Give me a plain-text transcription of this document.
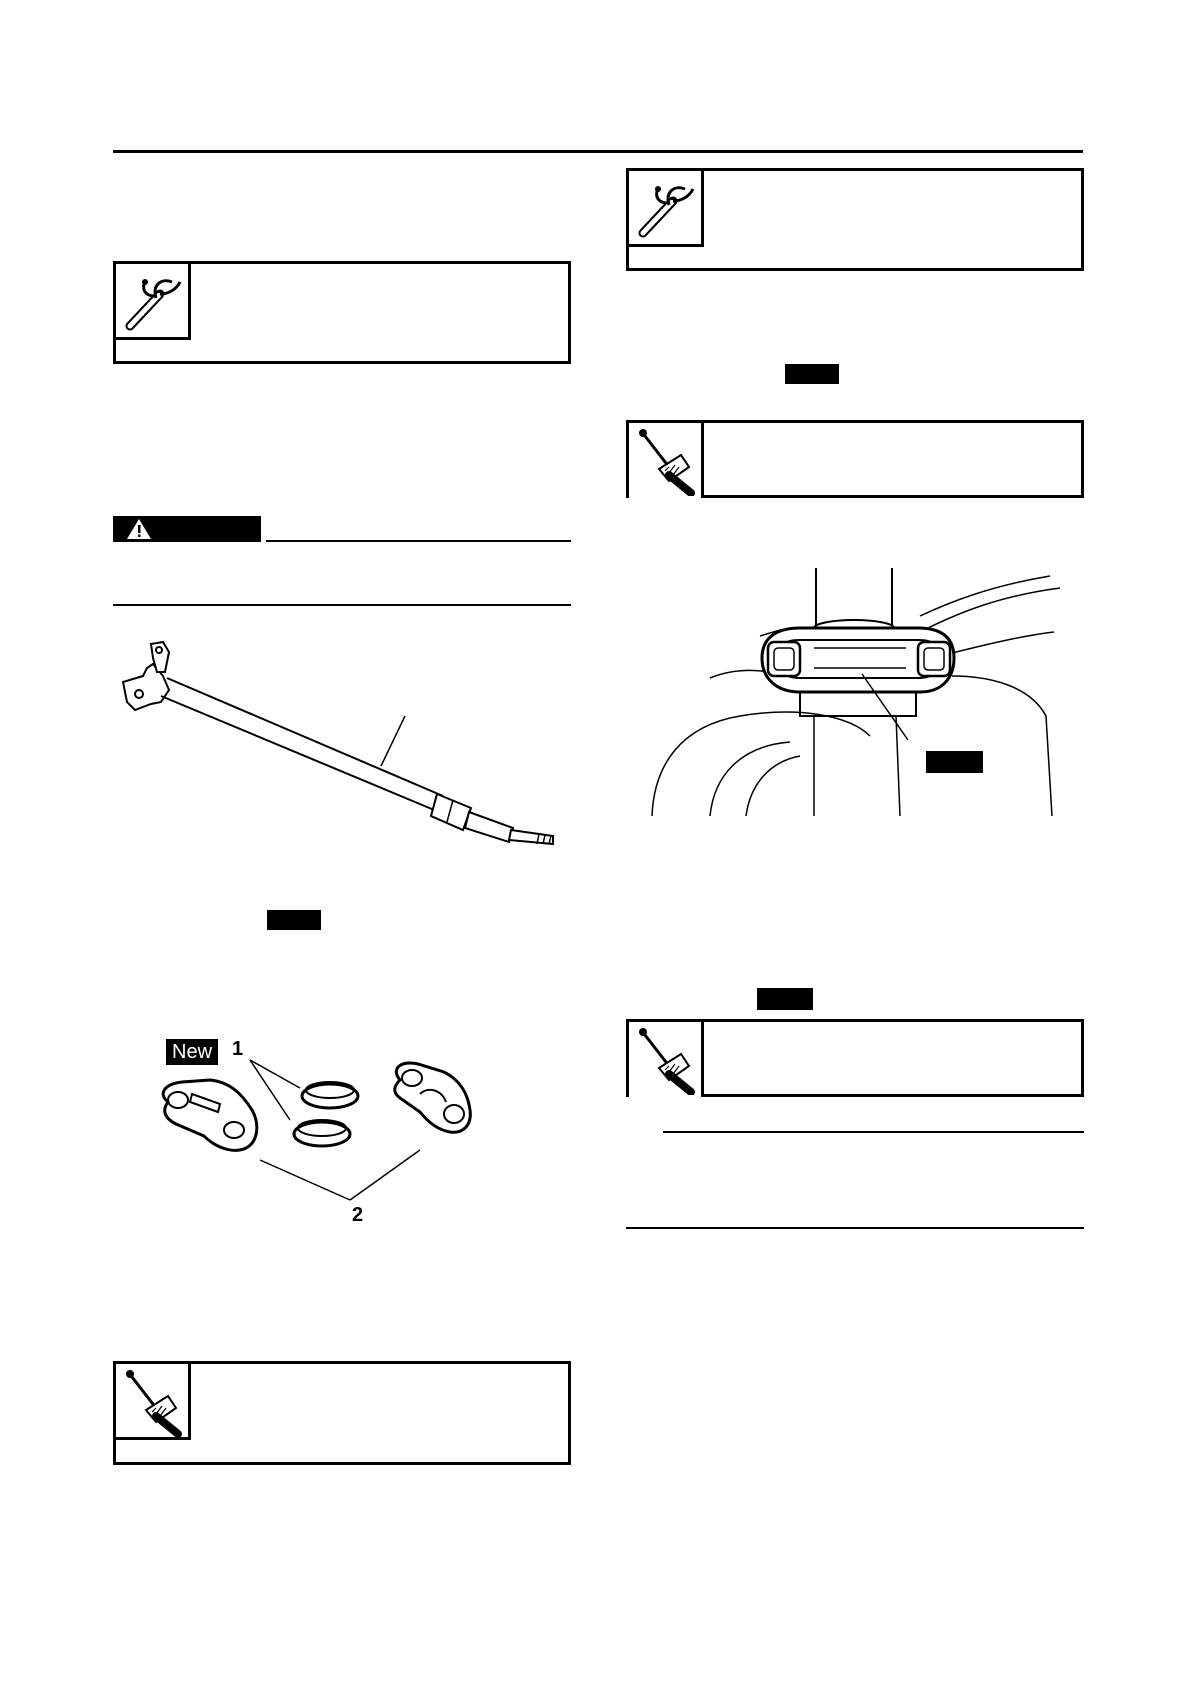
New 1
2
